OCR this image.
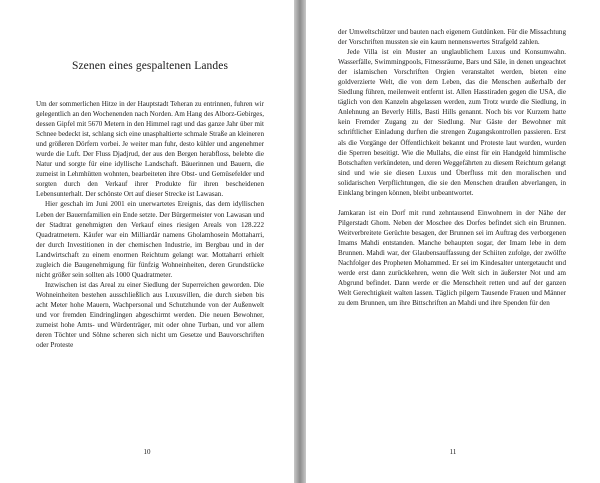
Szenen eines gespaltenen Landes

Um der sommerlichen Hitze in der Hauptstadt Teheran zu entrinnen, fuhren wir gelegentlich an den Wochenenden nach Norden. Am Hang des Alborz-Gebirges, dessen Gipfel mit 5670 Metern in den Himmel ragt und das ganze Jahr über mit Schnee bedeckt ist, schlang sich eine unasphaltierte schmale Straße an kleineren und größeren Dörfern vorbei. Je weiter man fuhr, desto kühler und angenehmer wurde die Luft. Der Fluss Djadjrud, der aus den Bergen herabfloss, belebte die Natur und sorgte für eine idyllische Landschaft. Bäuerinnen und Bauern, die zumeist in Lehmhütten wohnten, bearbeiteten ihre Obst- und Gemüsefelder und sorgten durch den Verkauf ihrer Produkte für ihren bescheidenen Lebensunterhalt. Der schönste Ort auf dieser Strecke ist Lawasan.

Hier geschah im Juni 2001 ein unerwartetes Ereignis, das dem idyllischen Leben der Bauernfamilien ein Ende setzte. Der Bürgermeister von Lawasan und der Stadtrat genehmigten den Verkauf eines riesigen Areals von 128.222 Quadratmetern. Käufer war ein Milliardär namens Gholamhosein Mottaharri, der durch Investitionen in der chemischen Industrie, im Bergbau und in der Landwirtschaft zu einem enormen Reichtum gelangt war. Mottaharri erhielt zugleich die Baugenehmigung für fünfzig Wohneinheiten, deren Grundstücke nicht größer sein sollten als 1000 Quadratmeter.

Inzwischen ist das Areal zu einer Siedlung der Superreichen geworden. Die Wohneinheiten bestehen ausschließlich aus Luxusvillen, die durch sieben bis acht Meter hohe Mauern, Wachpersonal und Schutzhunde von der Außenwelt und vor fremden Eindringlingen abgeschirmt werden. Die neuen Bewohner, zumeist hohe Amts- und Würdenträger, mit oder ohne Turban, und vor allem deren Töchter und Söhne scheren sich nicht um Gesetze und Bauvorschriften oder Proteste

10

der Umweltschützer und bauten nach eigenem Gutdünken. Für die Missachtung der Vorschriften mussten sie ein kaum nennenswertes Strafgeld zahlen.

Jede Villa ist ein Muster an unglaublichem Luxus und Konsumwahn. Wasserfälle, Swimmingpools, Fitnessräume, Bars und Säle, in denen ungeachtet der islamischen Vorschriften Orgien veranstaltet werden, bieten eine goldverzierte Welt, die von dem Leben, das die Menschen außerhalb der Siedlung führen, meilenweit entfernt ist. Allen Hasstiraden gegen die USA, die täglich von den Kanzeln abgelassen werden, zum Trotz wurde die Siedlung, in Anlehnung an Beverly Hills, Basti Hills genannt. Noch bis vor Kurzem hatte kein Fremder Zugang zu der Siedlung. Nur Gäste der Bewohner mit schriftlicher Einladung durften die strengen Zugangskontrollen passieren. Erst als die Vorgänge der Öffentlichkeit bekannt und Proteste laut wurden, wurden die Sperren beseitigt. Wie die Mullahs, die einst für ein Handgeld himmlische Botschaften verkündeten, und deren Weggefährten zu diesem Reichtum gelangt sind und wie sie diesen Luxus und Überfluss mit den moralischen und solidarischen Verpflichtungen, die sie den Menschen draußen abverlangen, in Einklang bringen können, bleibt unbeantwortet.

Jamkaran ist ein Dorf mit rund zehntausend Einwohnern in der Nähe der Pilgerstadt Ghom. Neben der Moschee des Dorfes befindet sich ein Brunnen. Weitverbreitete Gerüchte besagen, der Brunnen sei im Auftrag des verborgenen Imams Mahdi entstanden. Manche behaupten sogar, der Imam lebe in dem Brunnen. Mahdi war, der Glaubensauffassung der Schiiten zufolge, der zwölfte Nachfolger des Propheten Mohammed. Er sei im Kindesalter untergetaucht und werde erst dann zurückkehren, wenn die Welt sich in äußerster Not und am Abgrund befindet. Dann werde er die Menschheit retten und auf der ganzen Welt Gerechtigkeit walten lassen. Täglich pilgern Tausende Frauen und Männer zu dem Brunnen, um ihre Bittschriften an Mahdi und ihre Spenden für den

11
